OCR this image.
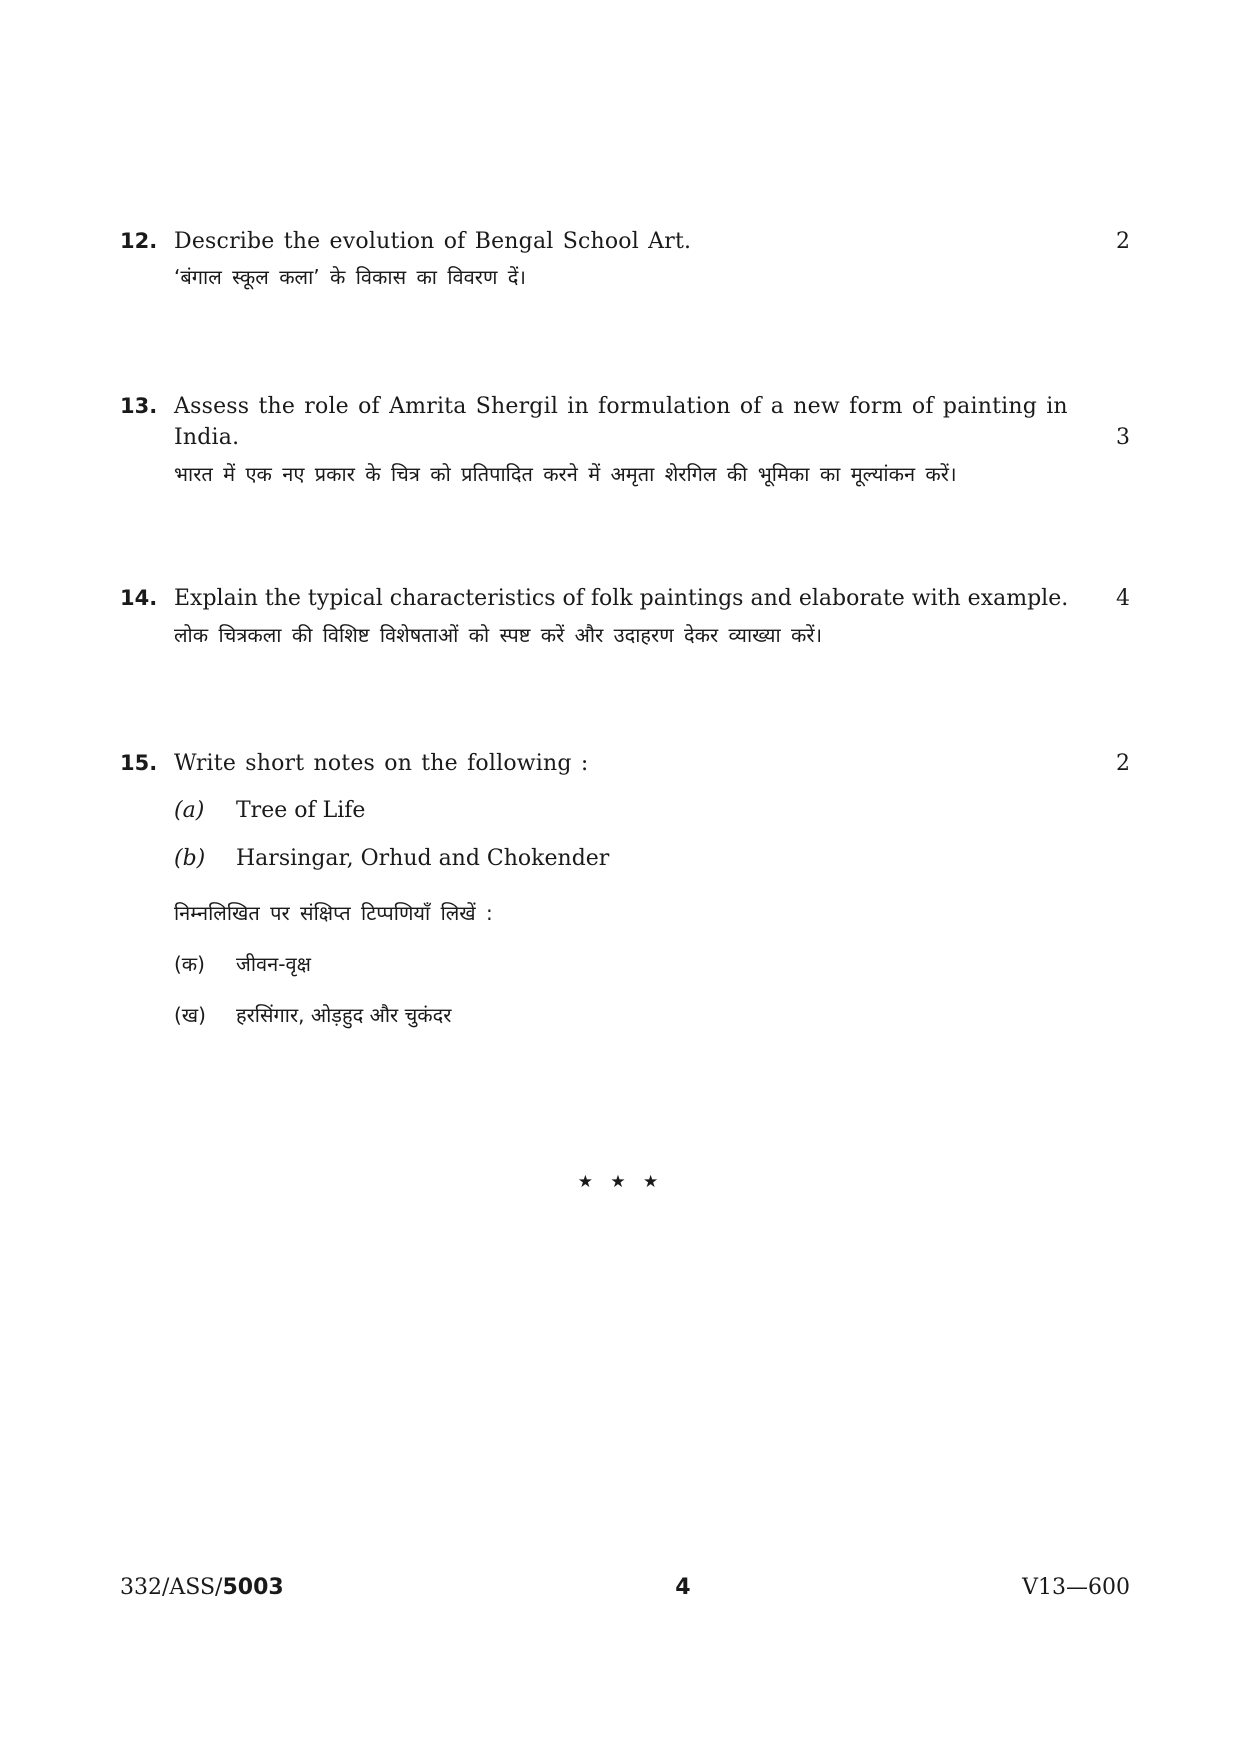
12. Describe the evolution of Bengal School Art.	2
‘बंगाल स्कूल कला’ के विकास का विवरण दें।
13. Assess the role of Amrita Shergil in formulation of a new form of painting in
India.	3
भारत में एक नए प्रकार के चित्र को प्रतिपादित करने में अमृता शेरगिल की भूमिका का मूल्यांकन करें।
14. Explain the typical characteristics of folk paintings and elaborate with example.	4
लोक चित्रकला की विशिष्ट विशेषताओं को स्पष्ट करें और उदाहरण देकर व्याख्या करें।
15. Write short notes on the following :	2
(a)	Tree of Life
(b)	Harsingar, Orhud and Chokender
निम्नलिखित पर संक्षिप्त टिप्पणियाँ लिखें :
(क)	जीवन-वृक्ष
(ख)	हरसिंगार, ओड़हुद और चुकंदर
★ ★ ★
332/ASS/5003	4	V13—600
